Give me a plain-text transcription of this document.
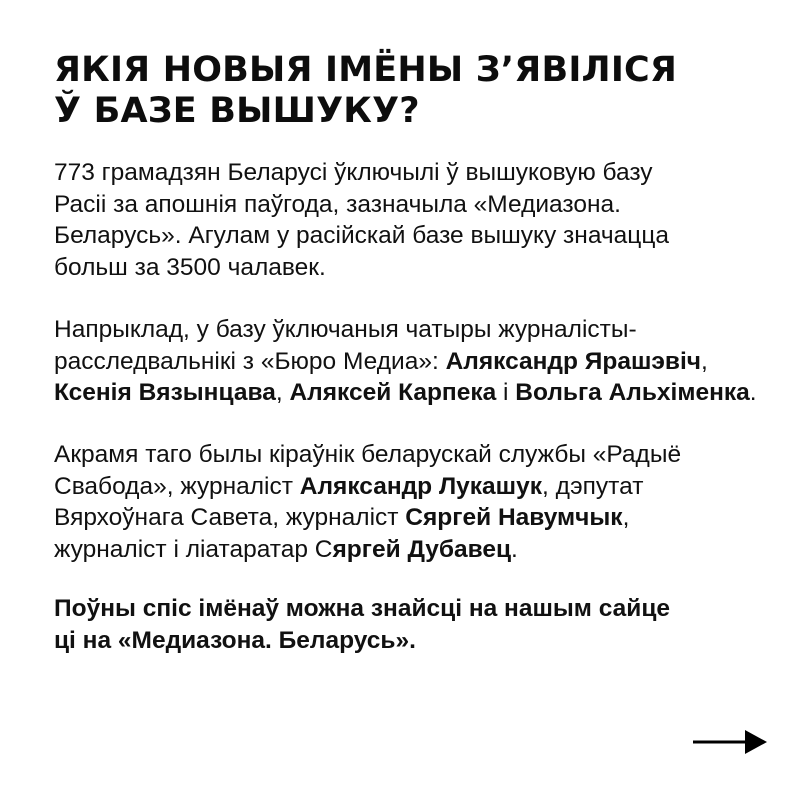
ЯКІЯ НОВЫЯ ІМЁНЫ З’ЯВІЛІСЯ
Ў БАЗЕ ВЫШУКУ?

773 грамадзян Беларусі ўключылі ў вышуковую базу
Расіі за апошнія паўгода, зазначыла «Медиазона.
Беларусь». Агулам у расійскай базе вышуку значацца
больш за 3500 чалавек.

Напрыклад, у базу ўключаныя чатыры журналісты-
расследвальнікі з «Бюро Медиа»: Аляксандр Ярашэвіч,
Ксенія Вязынцава, Аляксей Карпека і Вольга Альхіменка.

Акрамя таго былы кіраўнік беларускай службы «Радыё
Свабода», журналіст Аляксандр Лукашук, дэпутат
Вярхоўнага Савета, журналіст Сяргей Навумчык,
журналіст і ліатаратар Сяргей Дубавец.

Поўны спіс імёнаў можна знайсці на нашым сайце
ці на «Медиазона. Беларусь».
